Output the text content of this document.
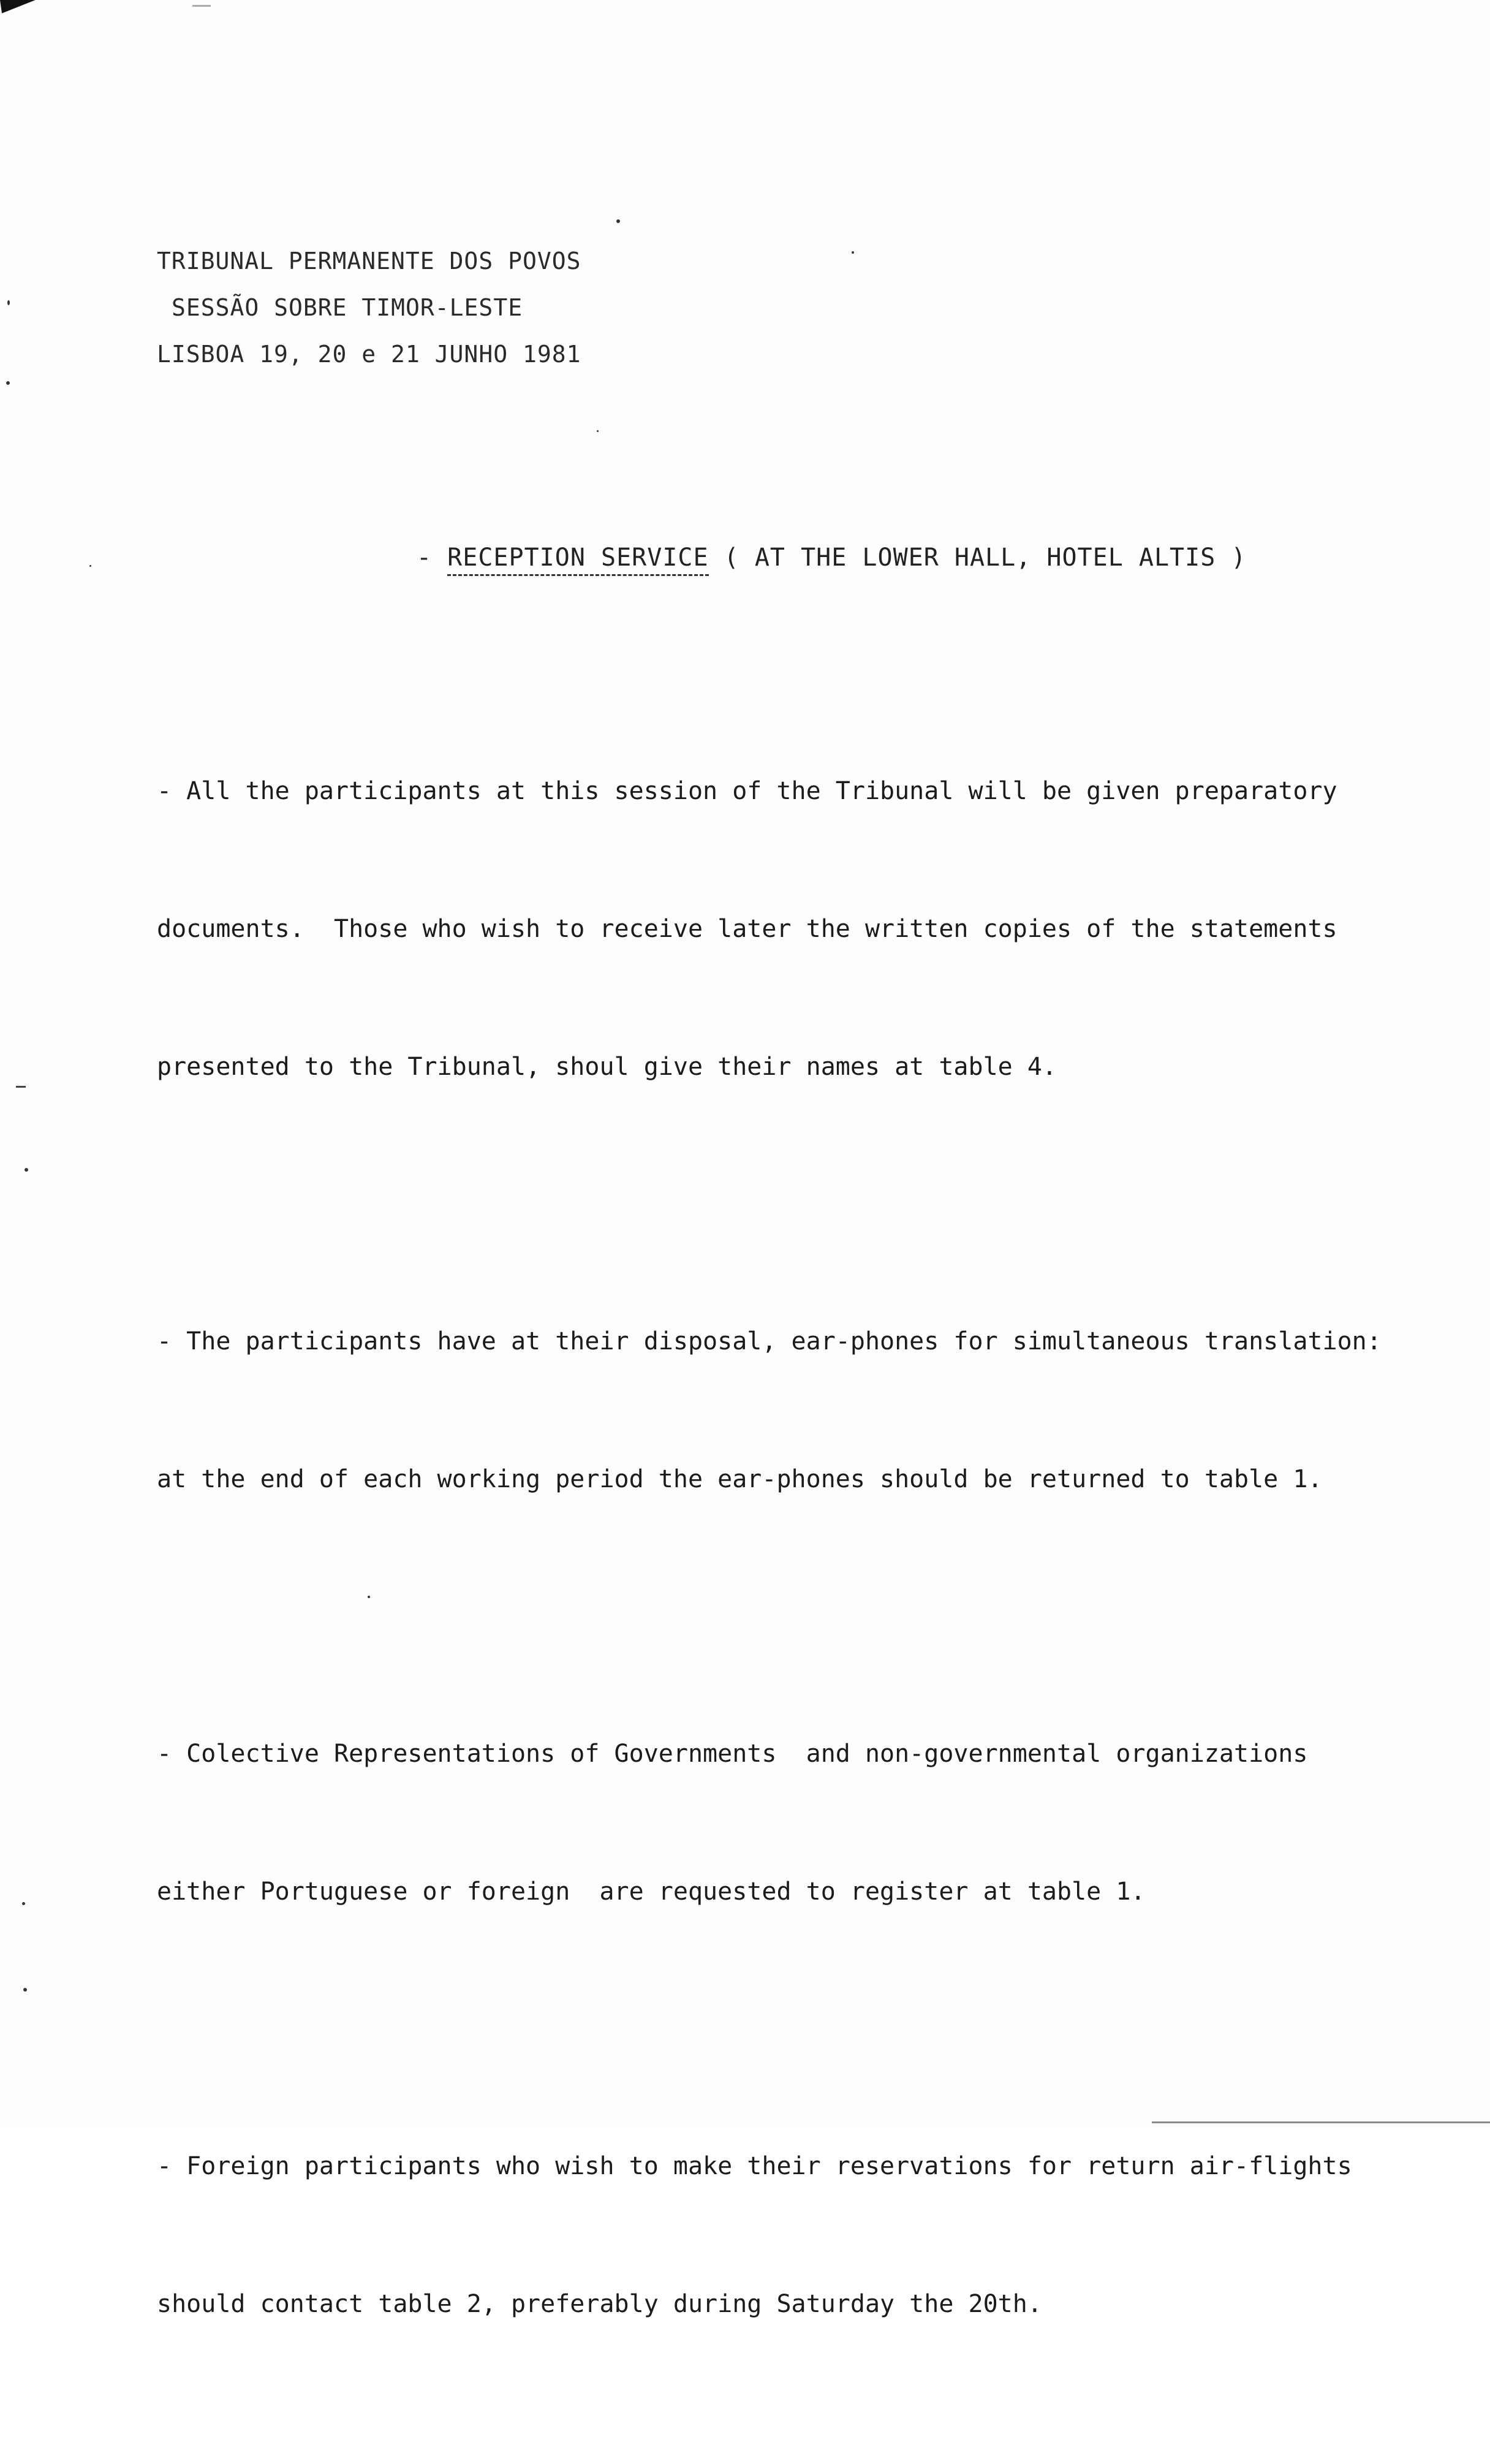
TRIBUNAL PERMANENTE DOS POVOS
SESSÃO SOBRE TIMOR-LESTE
LISBOA 19, 20 e 21 JUNHO 1981
- RECEPTION SERVICE ( AT THE LOWER HALL, HOTEL ALTIS )

- All the participants at this session of the Tribunal will be given preparatory

documents.  Those who wish to receive later the written copies of the statements

presented to the Tribunal, shoul give their names at table 4.

- The participants have at their disposal, ear-phones for simultaneous translation:

at the end of each working period the ear-phones should be returned to table 1.

- Colective Representations of Governments  and non-governmental organizations

either Portuguese or foreign  are requested to register at table 1.

- Foreign participants who wish to make their reservations for return air-flights

should contact table 2, preferably during Saturday the 20th.
